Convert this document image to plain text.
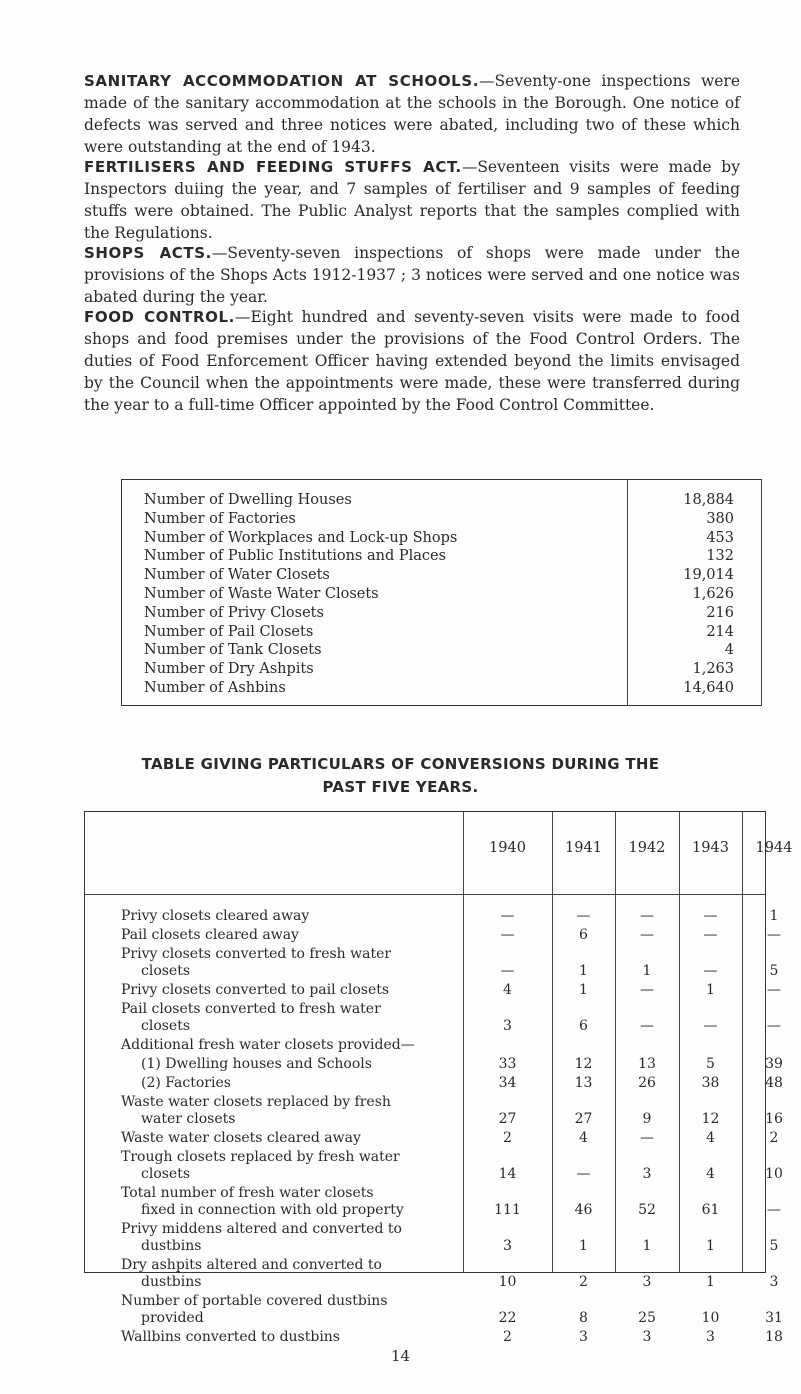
SANITARY ACCOMMODATION AT SCHOOLS.—Seventy-one inspections were made of the sanitary accommodation at the schools in the Borough. One notice of defects was served and three notices were abated, including two of these which were outstanding at the end of 1943.

FERTILISERS AND FEEDING STUFFS ACT.—Seventeen visits were made by Inspectors duiing the year, and 7 samples of fertiliser and 9 samples of feeding stuffs were obtained. The Public Analyst reports that the samples complied with the Regulations.

SHOPS ACTS.—Seventy-seven inspections of shops were made under the provisions of the Shops Acts 1912-1937 ; 3 notices were served and one notice was abated during the year.

FOOD CONTROL.—Eight hundred and seventy-seven visits were made to food shops and food premises under the provisions of the Food Control Orders. The duties of Food Enforcement Officer having extended beyond the limits envisaged by the Council when the appointments were made, these were transferred during the year to a full-time Officer appointed by the Food Control Committee.

Number of Dwelling Houses	18,884
Number of Factories	380
Number of Workplaces and Lock-up Shops	453
Number of Public Institutions and Places	132
Number of Water Closets	19,014
Number of Waste Water Closets	1,626
Number of Privy Closets	216
Number of Pail Closets	214
Number of Tank Closets	4
Number of Dry Ashpits	1,263
Number of Ashbins	14,640
TABLE GIVING PARTICULARS OF CONVERSIONS DURING THE
PAST FIVE YEARS.
1940	1941	1942	1943	1944
Privy closets cleared away	—	—	—	—	1
Pail closets cleared away	—	6	—	—	—
Privy closets converted to fresh water
closets	—	1	1	—	5
Privy closets converted to pail closets	4	1	—	1	—
Pail closets converted to fresh water
closets	3	6	—	—	—
Additional fresh water closets provided—
(1) Dwelling houses and Schools	33	12	13	5	39
(2) Factories	34	13	26	38	48
Waste water closets replaced by fresh
water closets	27	27	9	12	16
Waste water closets cleared away	2	4	—	4	2
Trough closets replaced by fresh water
closets	14	—	3	4	10
Total number of fresh water closets
fixed in connection with old property	111	46	52	61	—
Privy middens altered and converted to
dustbins	3	1	1	1	5
Dry ashpits altered and converted to
dustbins	10	2	3	1	3
Number of portable covered dustbins
provided	22	8	25	10	31
Wallbins converted to dustbins	2	3	3	3	18
14
